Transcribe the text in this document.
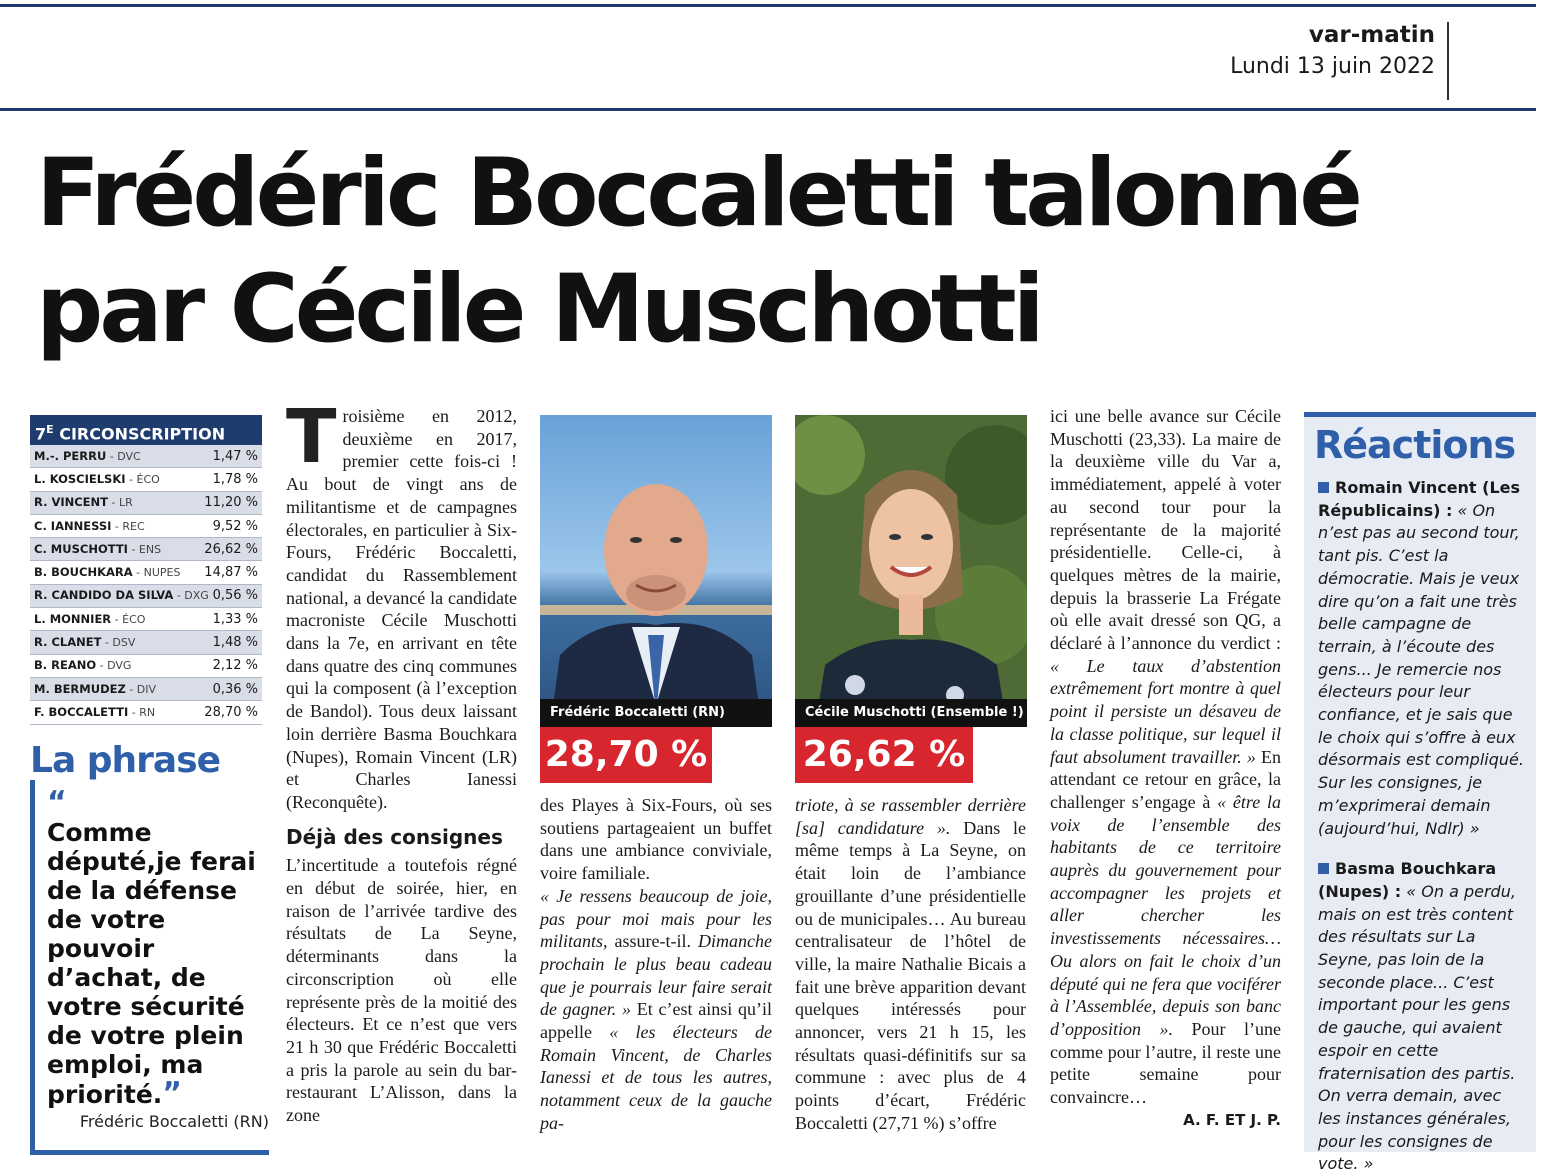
var-matin
Lundi 13 juin 2022
Frédéric Boccaletti talonné
par Cécile Muschotti
$7^E$ CIRCONSCRIPTION
M.-. PERRU - DVC	1,47 %
L. KOSCIELSKI - ÉCO	1,78 %
R. VINCENT - LR	11,20 %
C. IANNESSI - REC	9,52 %
C. MUSCHOTTI - ENS	26,62 %
B. BOUCHKARA - NUPES 14,87 %
R. CANDIDO DA SILVA - DXG 0,56 %
L. MONNIER - ÉCO	1,33 %
R. CLANET - DSV	1,48 %
B. REANO - DVG	2,12 %
M. BERMUDEZ - DIV	0,36 %
F. BOCCALETTI - RN	28,70 %
La phrase

“
Comme député,je ferai de la défense de votre pouvoir d’achat, de votre sécurité de votre plein emploi, ma priorité.”

Frédéric Boccaletti (RN)

Troisième en 2012, deuxième en 2017, premier cette fois-ci ! Au bout de vingt ans de militantisme et de campagnes électorales, en particulier à Six-Fours, Frédéric Boccaletti, candidat du Rassemblement national, a devancé la candidate macroniste Cécile Muschotti dans la 7e, en arrivant en tête dans quatre des cinq communes qui la composent (à l’exception de Bandol). Tous deux laissant loin derrière Basma Bouchkara (Nupes), Romain Vincent (LR) et Charles Ianessi (Reconquête).

Déjà des consignes

L’incertitude a toutefois régné en début de soirée, hier, en raison de l’arrivée tardive des résultats de La Seyne, déterminants dans la circonscription où elle représente près de la moitié des électeurs. Et ce n’est que vers 21 h 30 que Frédéric Boccaletti a pris la parole au sein du bar-restaurant L’Alisson, dans la zone

Frédéric Boccaletti (RN)
28,70 %
Cécile Muschotti (Ensemble !)
26,62 %

des Playes à Six-Fours, où ses soutiens partageaient un buffet dans une ambiance conviviale, voire familiale.
« Je ressens beaucoup de joie, pas pour moi mais pour les militants, assure-t-il. Dimanche prochain le plus beau cadeau que je pourrais leur faire serait de gagner. » Et c’est ainsi qu’il appelle « les électeurs de Romain Vincent, de Charles Ianessi et de tous les autres, notamment ceux de la gauche pa-

triote, à se rassembler derrière [sa] candidature ». Dans le même temps à La Seyne, on était loin de l’ambiance grouillante d’une présidentielle ou de municipales… Au bureau centralisateur de l’hôtel de ville, la maire Nathalie Bicais a fait une brève apparition devant quelques intéressés pour annoncer, vers 21 h 15, les résultats quasi-définitifs sur sa commune : avec plus de 4 points d’écart, Frédéric Boccaletti (27,71 %) s’offre

ici une belle avance sur Cécile Muschotti (23,33). La maire de la deuxième ville du Var a, immédiatement, appelé à voter au second tour pour la représentante de la majorité présidentielle. Celle-ci, à quelques mètres de la mairie, depuis la brasserie La Frégate où elle avait dressé son QG, a déclaré à l’annonce du verdict : « Le taux d’abstention extrêmement fort montre à quel point il persiste un désaveu de la classe politique, sur lequel il faut absolument travailler. » En attendant ce retour en grâce, la challenger s’engage à « être la voix de l’ensemble des habitants de ce territoire auprès du gouvernement pour accompagner les projets et aller chercher les investissements nécessaires… Ou alors on fait le choix d’un député qui ne fera que vociférer à l’Assemblée, depuis son banc d’opposition ». Pour l’une comme pour l’autre, il reste une petite semaine pour convaincre…

A. F. ET J. P.

Réactions
Romain Vincent (Les Républicains) : « On n’est pas au second tour, tant pis. C’est la démocratie. Mais je veux dire qu’on a fait une très belle campagne de terrain, à l’écoute des gens... Je remercie nos électeurs pour leur confiance, et je sais que le choix qui s’offre à eux désormais est compliqué. Sur les consignes, je m’exprimerai demain (aujourd’hui, Ndlr) »
Basma Bouchkara (Nupes) : « On a perdu, mais on est très content des résultats sur La Seyne, pas loin de la seconde place... C’est important pour les gens de gauche, qui avaient espoir en cette fraternisation des partis. On verra demain, avec les instances générales, pour les consignes de vote. »
